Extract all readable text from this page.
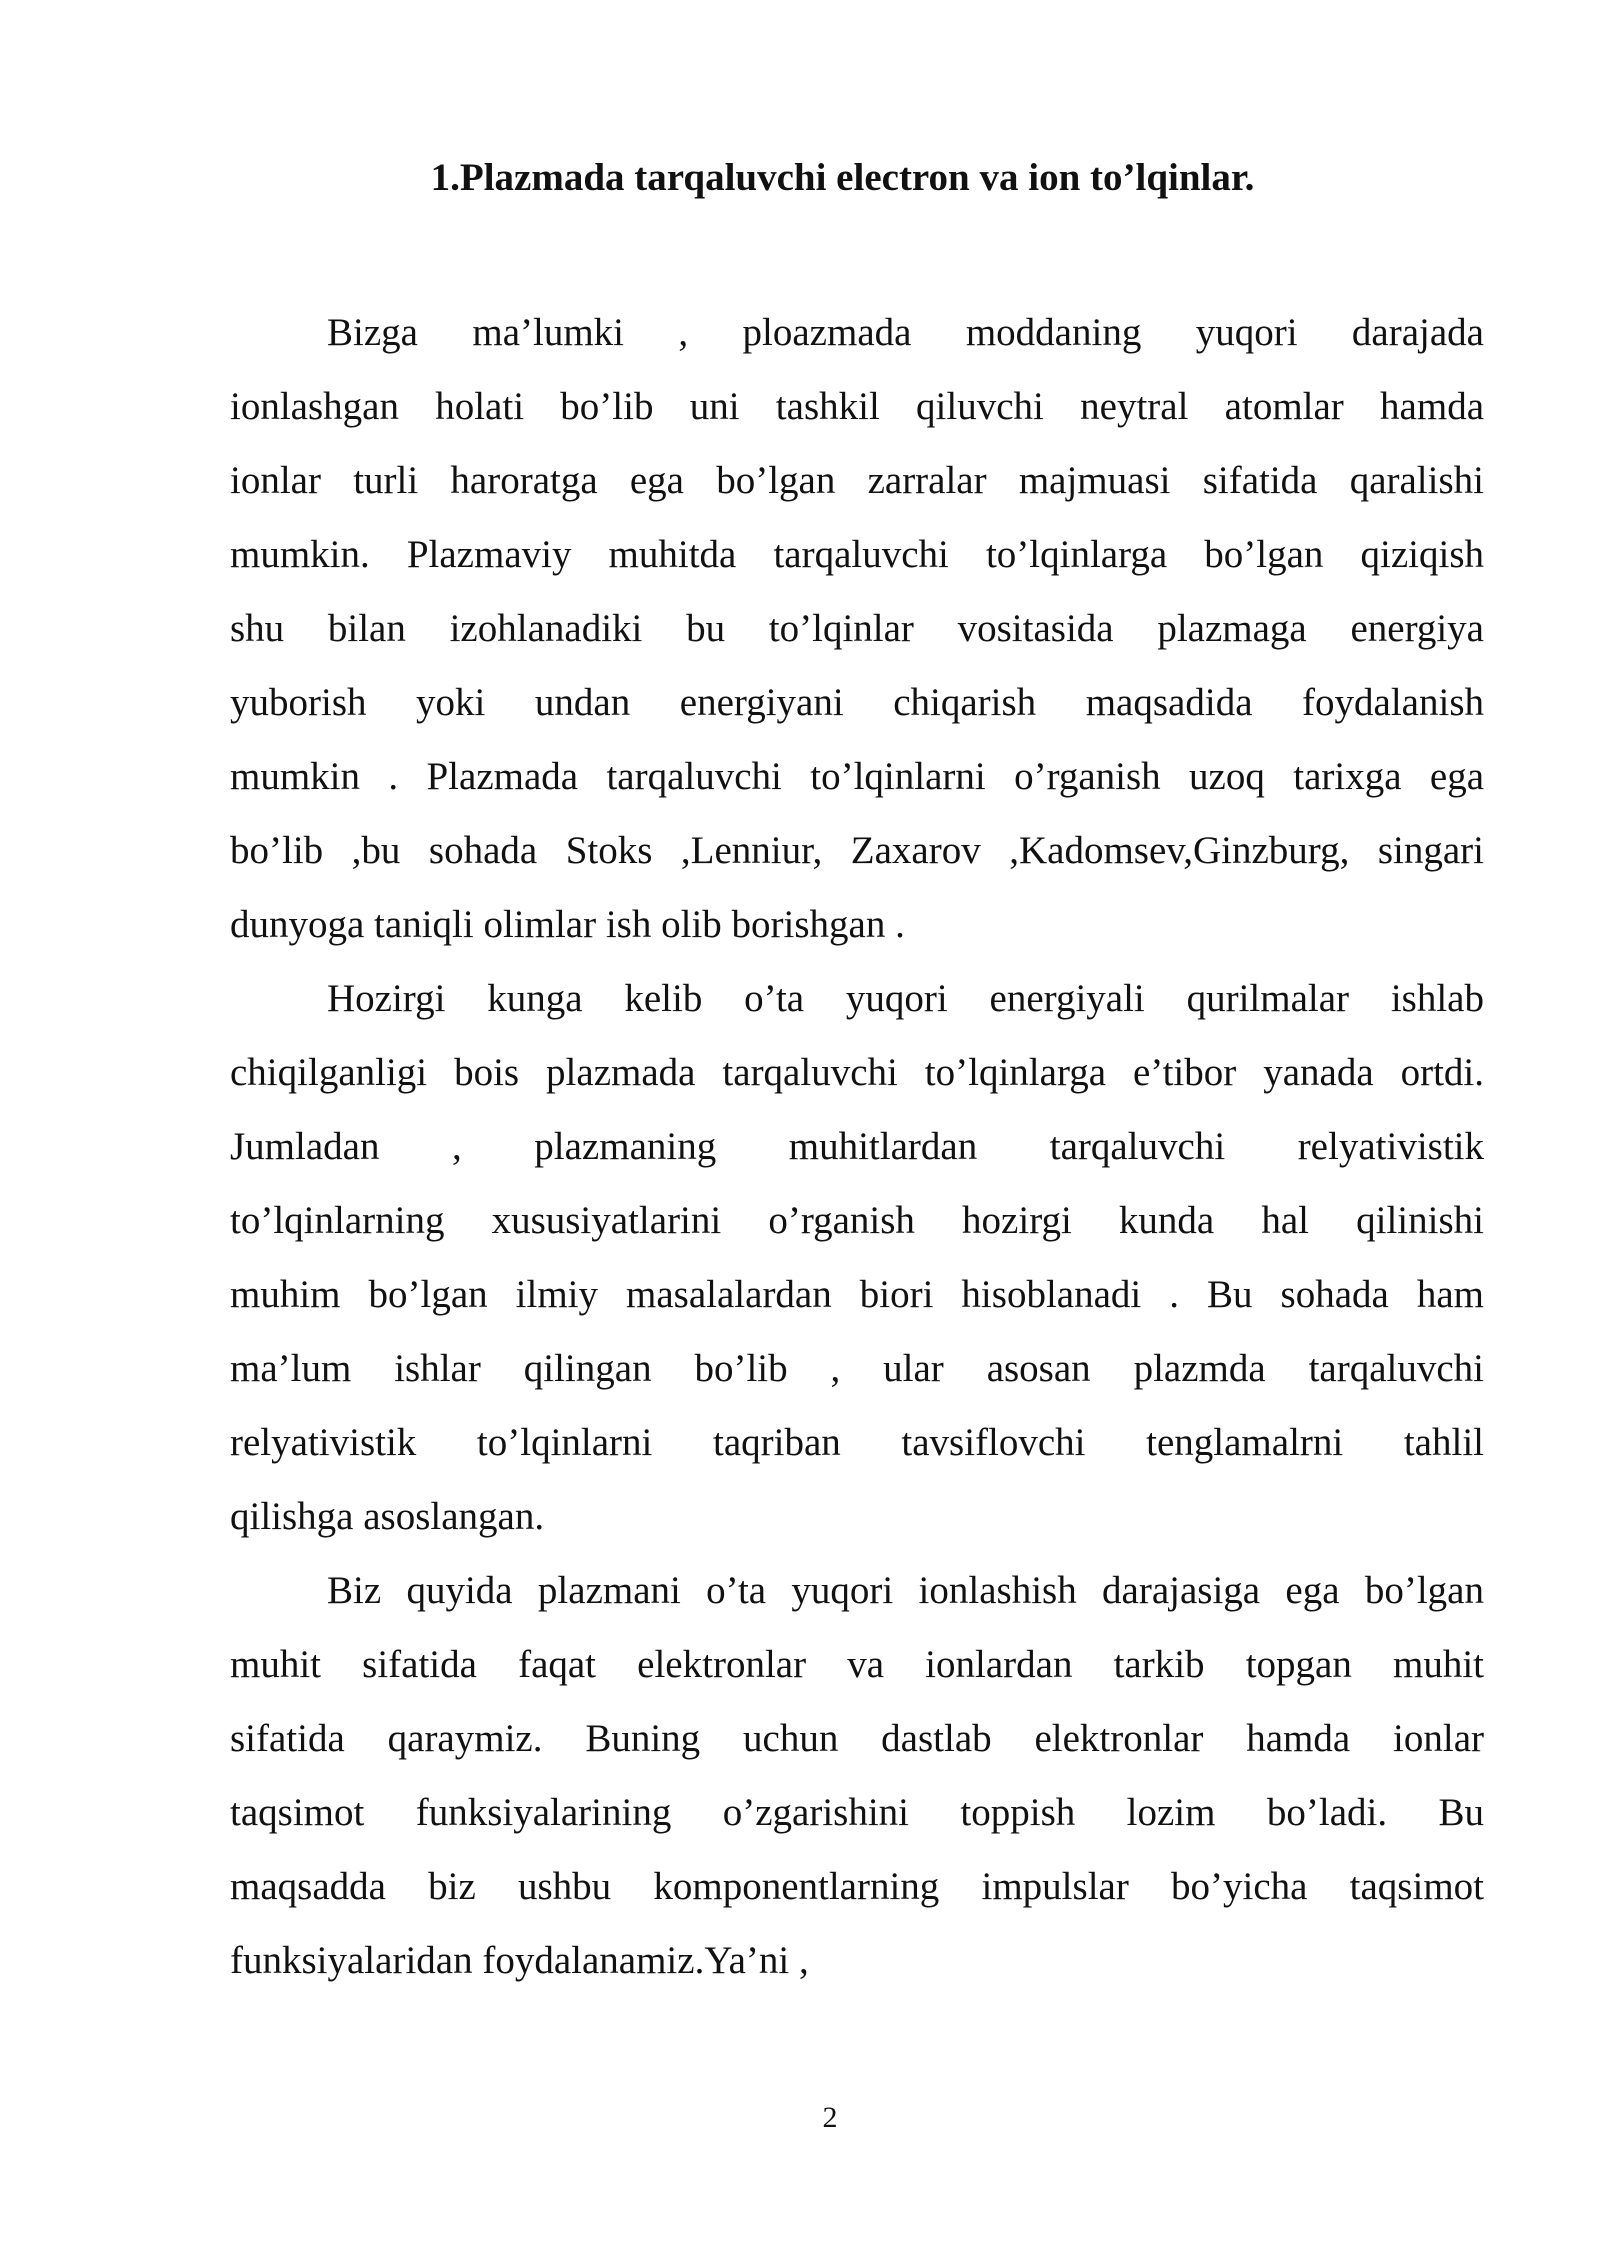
1.Plazmada tarqaluvchi electron va ion to’lqinlar.
Bizga ma’lumki , ploazmada moddaning yuqori darajada
ionlashgan holati bo’lib uni tashkil qiluvchi neytral atomlar hamda
ionlar turli haroratga ega bo’lgan zarralar majmuasi sifatida qaralishi
mumkin. Plazmaviy muhitda tarqaluvchi to’lqinlarga bo’lgan qiziqish
shu bilan izohlanadiki bu to’lqinlar vositasida plazmaga energiya
yuborish yoki undan energiyani chiqarish maqsadida foydalanish
mumkin . Plazmada tarqaluvchi to’lqinlarni o’rganish uzoq tarixga ega
bo’lib ,bu sohada Stoks ,Lenniur, Zaxarov ,Kadomsev,Ginzburg, singari
dunyoga taniqli olimlar ish olib borishgan .
Hozirgi kunga kelib o’ta yuqori energiyali qurilmalar ishlab
chiqilganligi bois plazmada tarqaluvchi to’lqinlarga e’tibor yanada ortdi.
Jumladan , plazmaning muhitlardan tarqaluvchi relyativistik
to’lqinlarning xususiyatlarini o’rganish hozirgi kunda hal qilinishi
muhim bo’lgan ilmiy masalalardan biori hisoblanadi . Bu sohada ham
ma’lum ishlar qilingan bo’lib , ular asosan plazmda tarqaluvchi
relyativistik to’lqinlarni taqriban tavsiflovchi tenglamalrni tahlil
qilishga asoslangan.
Biz quyida plazmani o’ta yuqori ionlashish darajasiga ega bo’lgan
muhit sifatida faqat elektronlar va ionlardan tarkib topgan muhit
sifatida qaraymiz. Buning uchun dastlab elektronlar hamda ionlar
taqsimot funksiyalarining o’zgarishini toppish lozim bo’ladi. Bu
maqsadda biz ushbu komponentlarning impulslar bo’yicha taqsimot
funksiyalaridan foydalanamiz.Ya’ni ,
2
